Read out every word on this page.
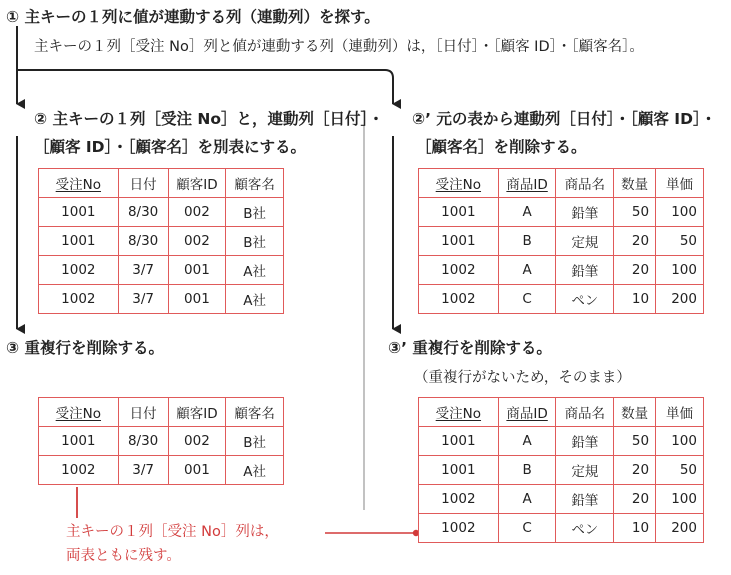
① 主キーの１列に値が連動する列（連動列）を探す。
主キーの１列［受注 No］列と値が連動する列（連動列）は，［日付］・［顧客 ID］・［顧客名］。
② 主キーの１列［受注 No］と，連動列［日付］・
［顧客 ID］・［顧客名］を別表にする。
②’ 元の表から連動列［日付］・［顧客 ID］・
［顧客名］を削除する。
③ 重複行を削除する。	③’ 重複行を削除する。
（重複行がないため，そのまま）
受注No	日付	顧客ID	顧客名
1001	8/30	002	B社
1001	8/30	002	B社
1002	3/7	001	A社
1002	3/7	001	A社
受注No	日付	顧客ID	顧客名
1001	8/30	002	B社
1002	3/7	001	A社
受注No	商品ID	商品名	数量	単価
1001	A	鉛筆	50	100
1001	B	定規	20	50
1002	A	鉛筆	20	100
1002	C	ペン	10	200
受注No	商品ID	商品名	数量	単価
1001	A	鉛筆	50	100
1001	B	定規	20	50
1002	A	鉛筆	20	100
1002	C	ペン	10	200
主キーの１列［受注 No］列は，
両表ともに残す。
